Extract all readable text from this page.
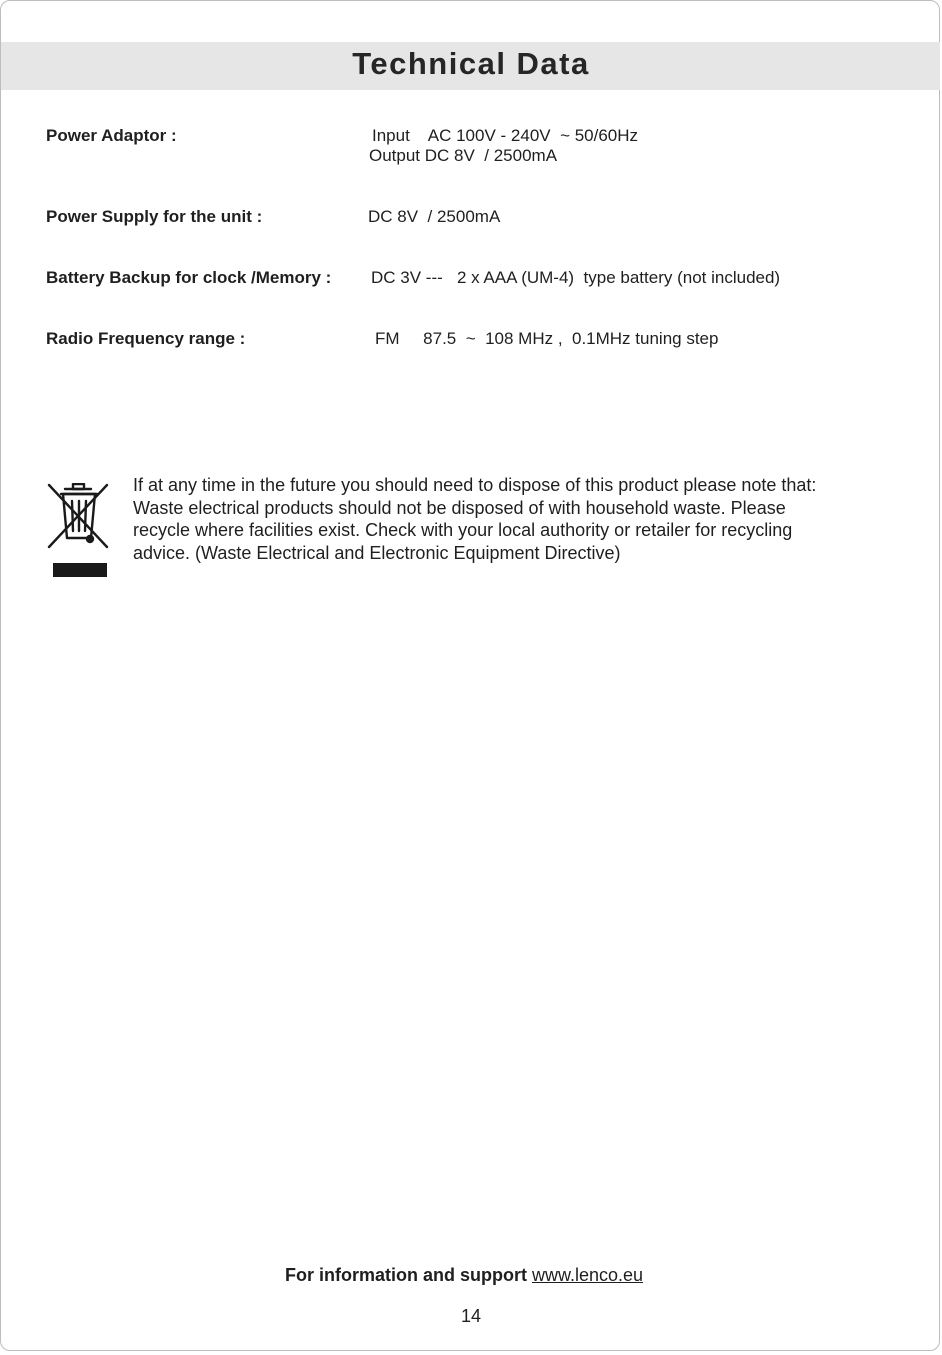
Technical Data
Power Adaptor :	Input    AC 100V - 240V  ~ 50/60Hz
Output DC 8V  / 2500mA
Power Supply for the unit :	DC 8V  / 2500mA
Battery Backup for clock /Memory : DC 3V ---   2 x AAA (UM-4)  type battery (not included)
Radio Frequency range :	FM     87.5  ~  108 MHz ,  0.1MHz tuning step
If at any time in the future you should need to dispose of this product please note that:
Waste electrical products should not be disposed of with household waste. Please
recycle where facilities exist. Check with your local authority or retailer for recycling
advice. (Waste Electrical and Electronic Equipment Directive)
For information and support www.lenco.eu
14
